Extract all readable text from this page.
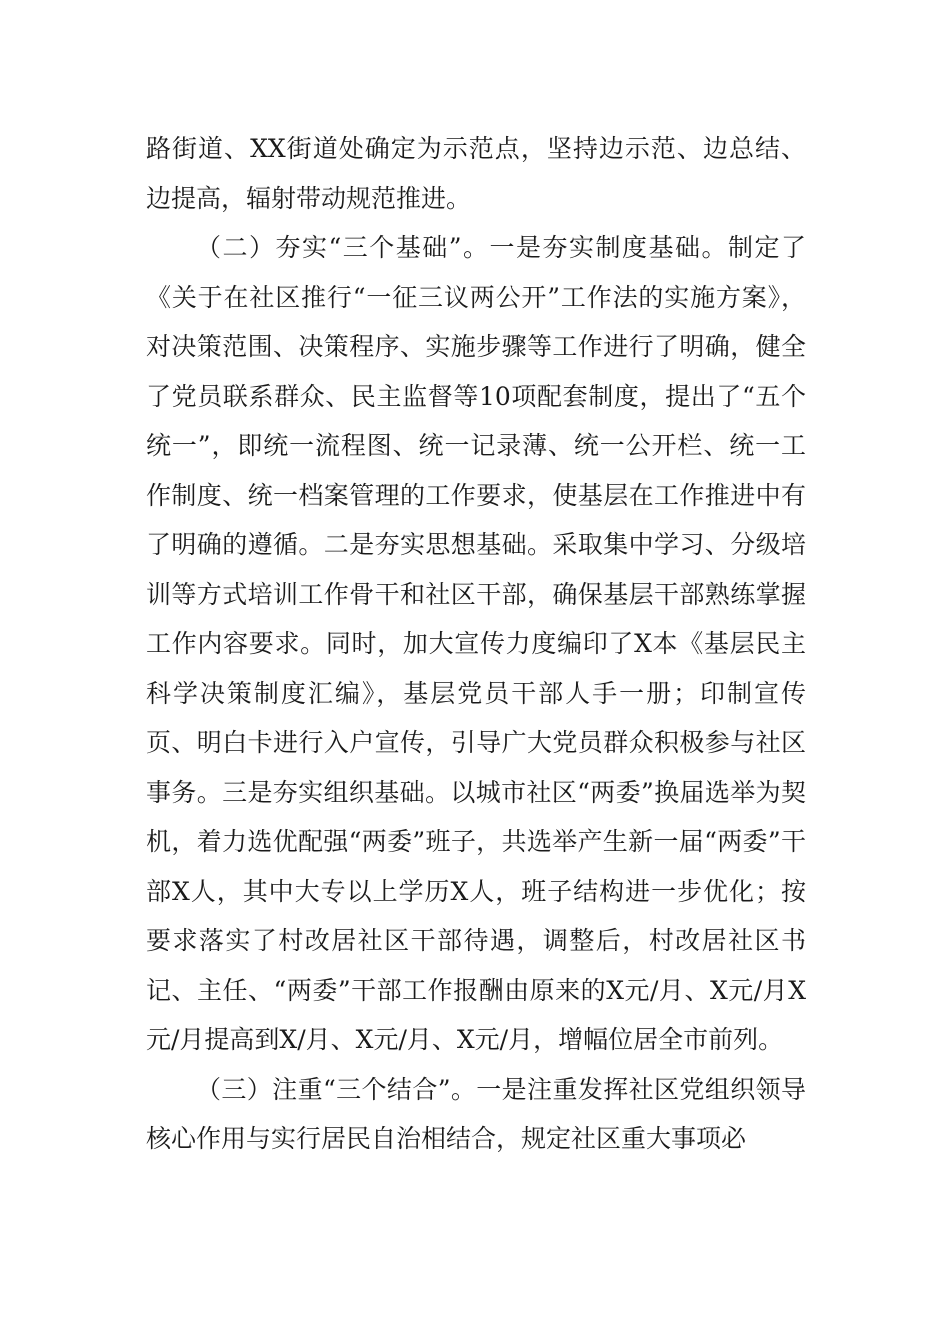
路街道、XX街道处确定为示范点，坚持边示范、边总结、边提高，辐射带动规范推进。

（二）夯实“三个基础”。一是夯实制度基础。制定了《关于在社区推行“一征三议两公开”工作法的实施方案》，对决策范围、决策程序、实施步骤等工作进行了明确，健全了党员联系群众、民主监督等10项配套制度，提出了“五个统一”，即统一流程图、统一记录薄、统一公开栏、统一工作制度、统一档案管理的工作要求，使基层在工作推进中有了明确的遵循。二是夯实思想基础。采取集中学习、分级培训等方式培训工作骨干和社区干部，确保基层干部熟练掌握工作内容要求。同时，加大宣传力度编印了X本《基层民主科学决策制度汇编》，基层党员干部人手一册；印制宣传页、明白卡进行入户宣传，引导广大党员群众积极参与社区事务。三是夯实组织基础。以城市社区“两委”换届选举为契机，着力选优配强“两委”班子，共选举产生新一届“两委”干部X人，其中大专以上学历X人，班子结构进一步优化；按要求落实了村改居社区干部待遇，调整后，村改居社区书记、主任、“两委”干部工作报酬由原来的X元/月、X元/月X元/月提高到X/月、X元/月、X元/月，增幅位居全市前列。

（三）注重“三个结合”。一是注重发挥社区党组织领导核心作用与实行居民自治相结合，规定社区重大事项必
